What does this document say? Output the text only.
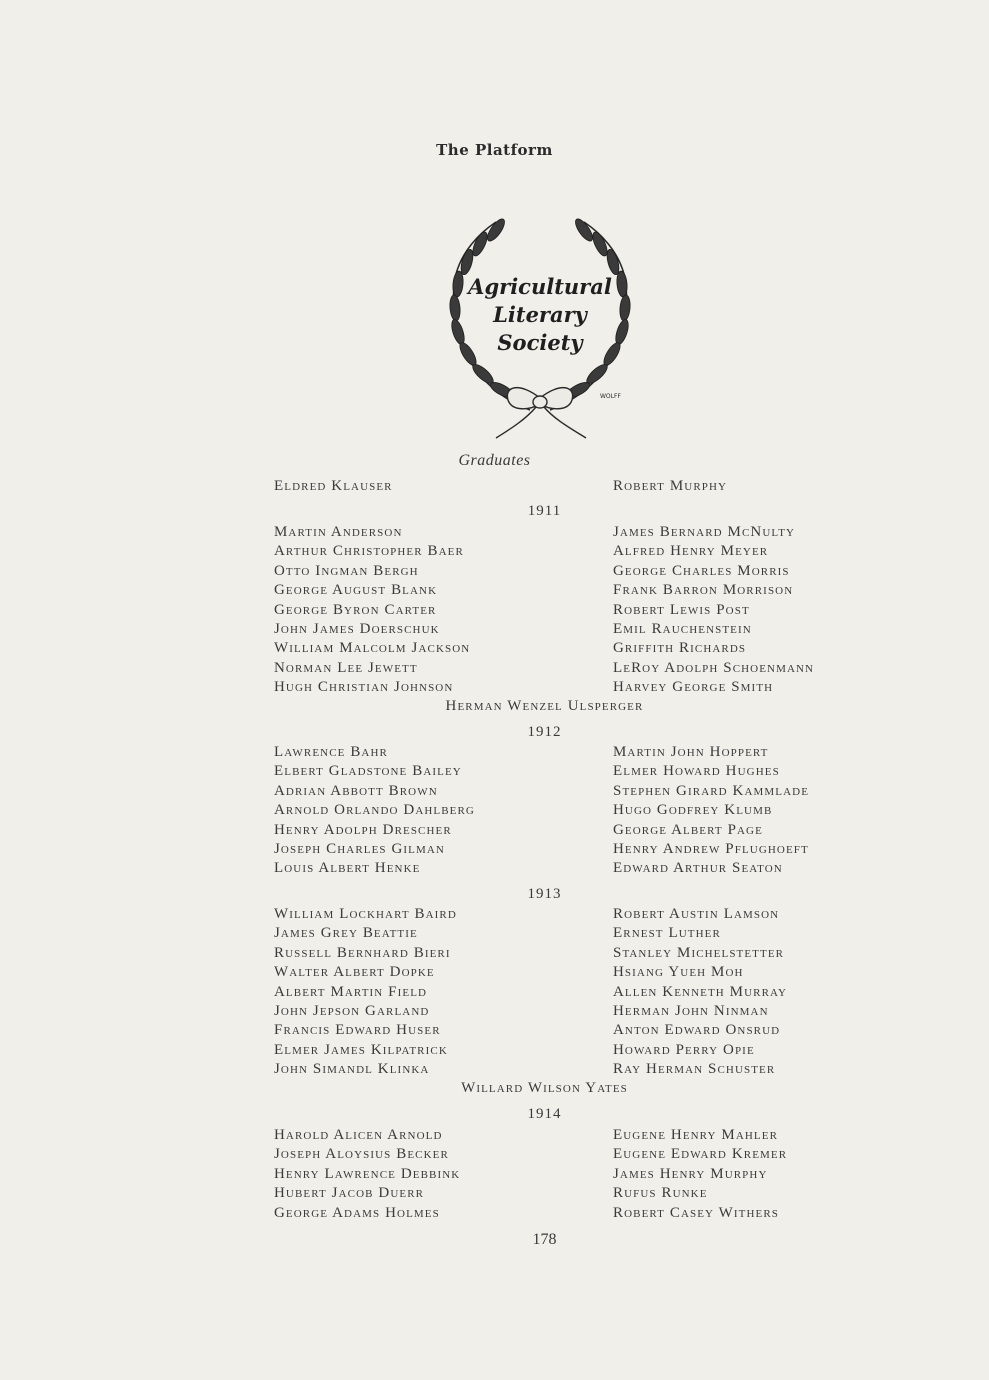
The Platform
Agricultural
Literary
Society
WOLFF
Graduates
Eldred Klauser	Robert Murphy
1911
Martin Anderson
Arthur Christopher Baer
Otto Ingman Bergh
George August Blank
George Byron Carter
John James Doerschuk
William Malcolm Jackson
Norman Lee Jewett
Hugh Christian Johnson
James Bernard McNulty
Alfred Henry Meyer
George Charles Morris
Frank Barron Morrison
Robert Lewis Post
Emil Rauchenstein
Griffith Richards
LeRoy Adolph Schoenmann
Harvey George Smith
Herman Wenzel Ulsperger
1912
Lawrence Bahr
Elbert Gladstone Bailey
Adrian Abbott Brown
Arnold Orlando Dahlberg
Henry Adolph Drescher
Joseph Charles Gilman
Louis Albert Henke
Martin John Hoppert
Elmer Howard Hughes
Stephen Girard Kammlade
Hugo Godfrey Klumb
George Albert Page
Henry Andrew Pflughoeft
Edward Arthur Seaton
1913
William Lockhart Baird
James Grey Beattie
Russell Bernhard Bieri
Walter Albert Dopke
Albert Martin Field
John Jepson Garland
Francis Edward Huser
Elmer James Kilpatrick
John Simandl Klinka
Robert Austin Lamson
Ernest Luther
Stanley Michelstetter
Hsiang Yueh Moh
Allen Kenneth Murray
Herman John Ninman
Anton Edward Onsrud
Howard Perry Opie
Ray Herman Schuster
Willard Wilson Yates
1914
Harold Alicen Arnold
Joseph Aloysius Becker
Henry Lawrence Debbink
Hubert Jacob Duerr
George Adams Holmes
Eugene Henry Mahler
Eugene Edward Kremer
James Henry Murphy
Rufus Runke
Robert Casey Withers
178
